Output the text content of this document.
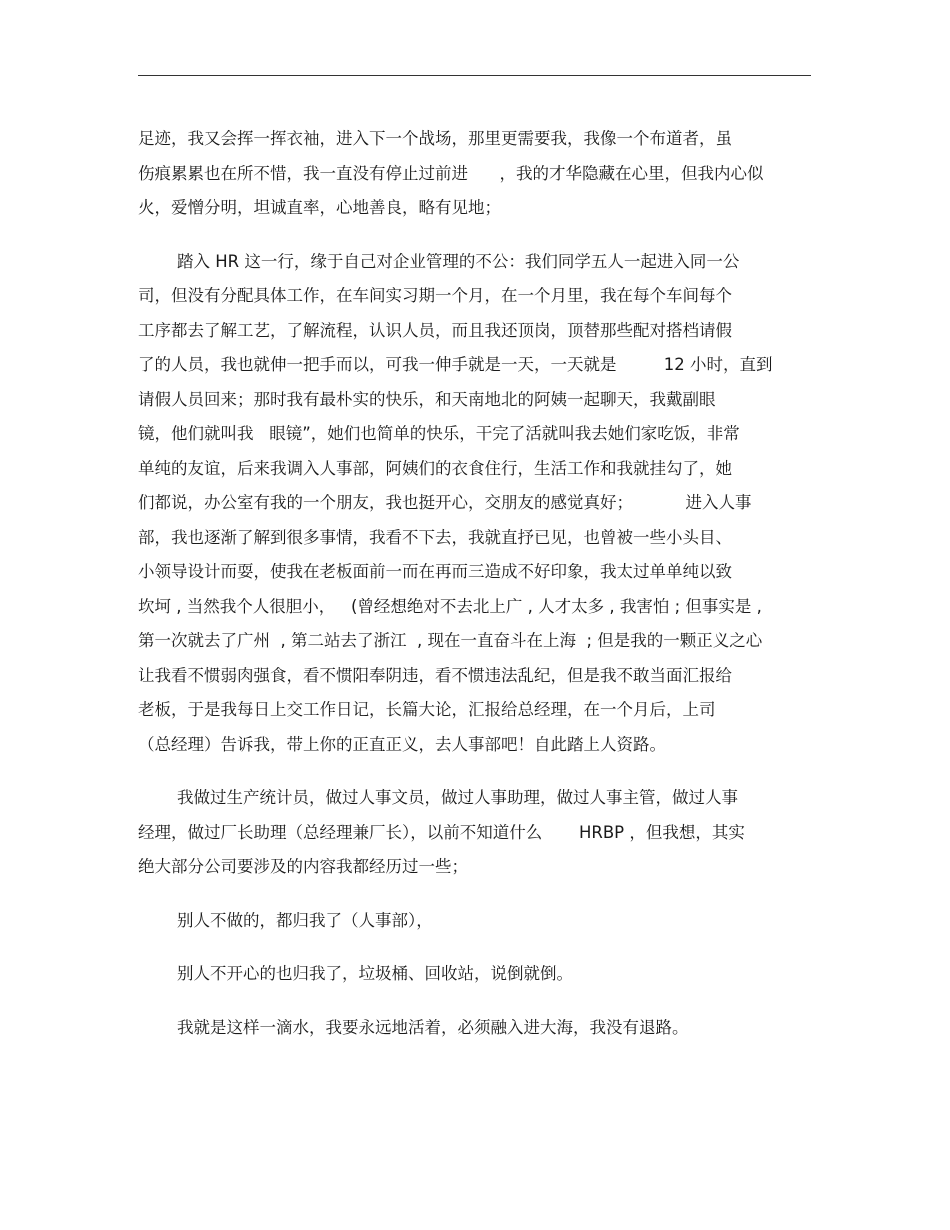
足迹，我又会挥一挥衣袖，进入下一个战场，那里更需要我，我像一个布道者，虽
伤痕累累也在所不惜，我一直没有停止过前进      ，我的才华隐藏在心里，但我内心似
火，爱憎分明，坦诚直率，心地善良，略有见地；
踏入 HR 这一行，缘于自己对企业管理的不公：我们同学五人一起进入同一公
司，但没有分配具体工作，在车间实习期一个月，在一个月里，我在每个车间每个
工序都去了解工艺，了解流程，认识人员，而且我还顶岗，顶替那些配对搭档请假
了的人员，我也就伸一把手而以，可我一伸手就是一天，一天就是         12 小时，直到
请假人员回来；那时我有最朴实的快乐，和天南地北的阿姨一起聊天，我戴副眼
镜，他们就叫我   眼镜”，她们也简单的快乐，干完了活就叫我去她们家吃饭，非常
单纯的友谊，后来我调入人事部，阿姨们的衣食住行，生活工作和我就挂勾了，她
们都说，办公室有我的一个朋友，我也挺开心，交朋友的感觉真好；          进入人事
部，我也逐渐了解到很多事情，我看不下去，我就直抒已见，也曾被一些小头目、
小领导设计而耍，使我在老板面前一而在再而三造成不好印象，我太过单单纯以致
坎坷 , 当然我个人很胆小，   (曾经想绝对不去北上广 , 人才太多 , 我害怕 ; 但事实是 ,
第一次就去了广州  , 第二站去了浙江  , 现在一直奋斗在上海  ; 但是我的一颗正义之心
让我看不惯弱肉强食，看不惯阳奉阴违，看不惯违法乱纪，但是我不敢当面汇报给
老板，于是我每日上交工作日记，长篇大论，汇报给总经理，在一个月后，上司
（总经理）告诉我，带上你的正直正义，去人事部吧！自此踏上人资路。
我做过生产统计员，做过人事文员，做过人事助理，做过人事主管，做过人事
经理，做过厂长助理（总经理兼厂长），以前不知道什么       HRBP ，但我想，其实
绝大部分公司要涉及的内容我都经历过一些；
别人不做的，都归我了（人事部），
别人不开心的也归我了，垃圾桶、回收站，说倒就倒。
我就是这样一滴水，我要永远地活着，必须融入进大海，我没有退路。
